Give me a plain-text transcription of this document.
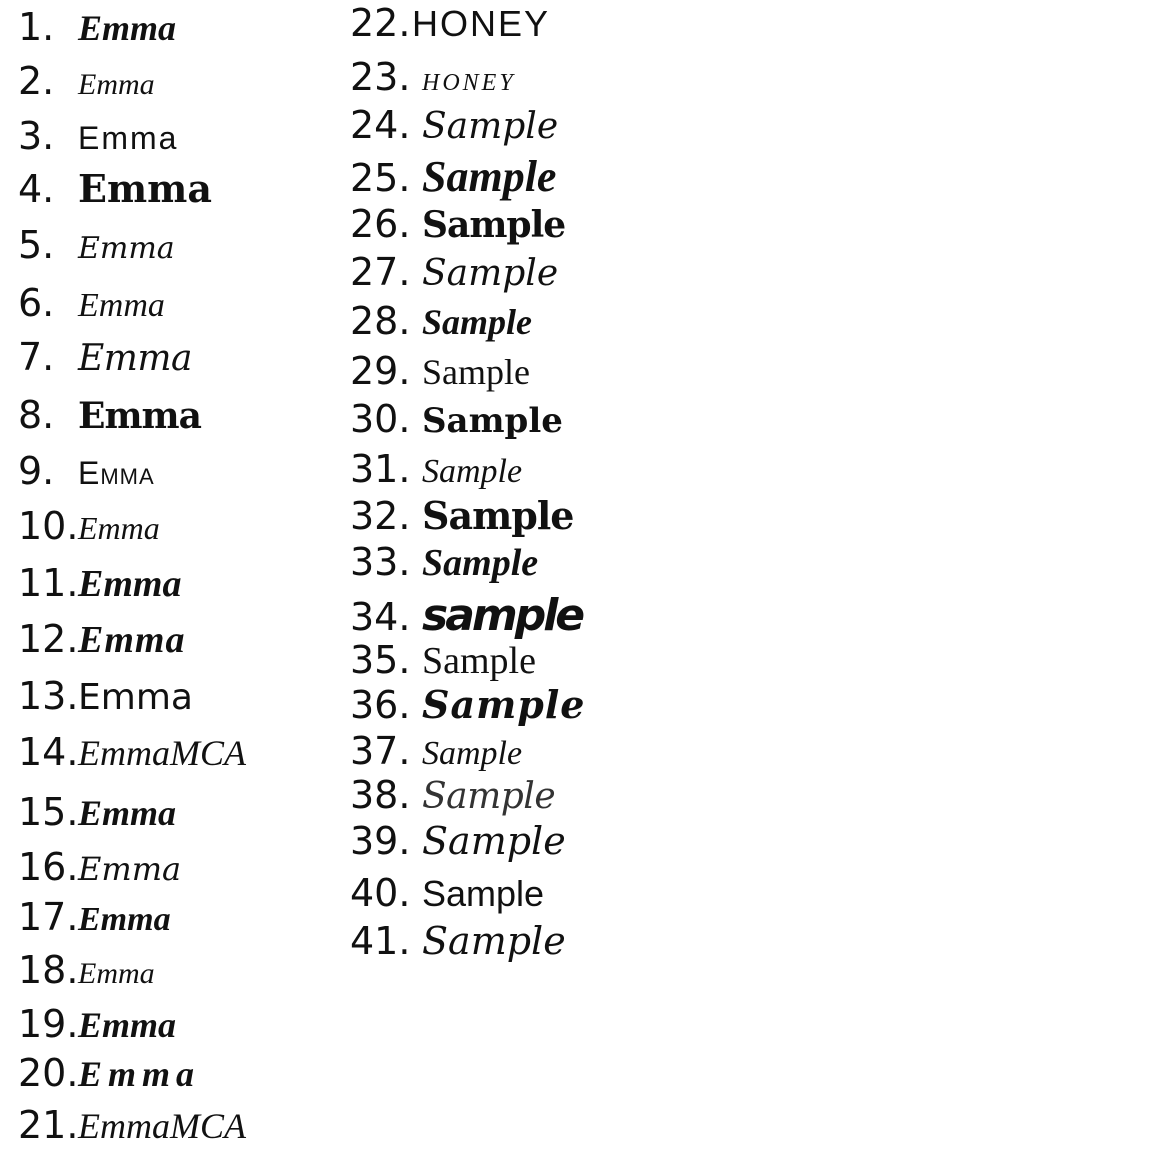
1. Emma
2. Emma
3. Emma
4. Emma
5. Emma
6. Emma
7. Emma
8. Emma
9. Emma
10. Emma
11. Emma
12. Emma
13. Emma
14. EmmaMCA
15. Emma
16. Emma
17. Emma
18. Emma
19. Emma
20. Emma
21. EmmaMCA
22. HONEY
23. HONEY
24. Sample
25. Sample
26. Sample
27. Sample
28. Sample
29. Sample
30. Sample
31. Sample
32. Sample
33. Sample
34. sample
35. Sample
36. Sample
37. Sample
38. Sample
39. Sample
40. Sample
41. Sample
